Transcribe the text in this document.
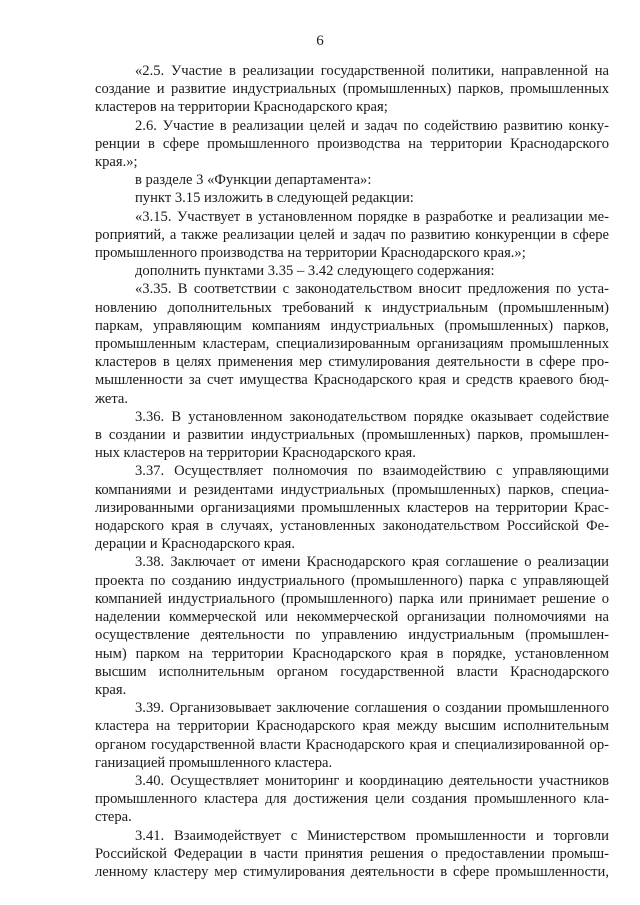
6
«2.5. Участие в реализации государственной политики, направленной на
создание и развитие индустриальных (промышленных) парков, промышленных
кластеров на территории Краснодарского края;
2.6. Участие в реализации целей и задач по содействию развитию конку-
ренции в сфере промышленного производства на территории Краснодарского
края.»;
в разделе 3 «Функции департамента»:
пункт 3.15 изложить в следующей редакции:
«3.15. Участвует в установленном порядке в разработке и реализации ме-
роприятий, а также реализации целей и задач по развитию конкуренции в сфере
промышленного производства на территории Краснодарского края.»;
дополнить пунктами 3.35 – 3.42 следующего содержания:
«3.35. В соответствии с законодательством вносит предложения по уста-
новлению дополнительных требований к индустриальным (промышленным)
паркам, управляющим компаниям индустриальных (промышленных) парков,
промышленным кластерам, специализированным организациям промышленных
кластеров в целях применения мер стимулирования деятельности в сфере про-
мышленности за счет имущества Краснодарского края и средств краевого бюд-
жета.
3.36. В установленном законодательством порядке оказывает содействие
в создании и развитии индустриальных (промышленных) парков, промышлен-
ных кластеров на территории Краснодарского края.
3.37. Осуществляет полномочия по взаимодействию с управляющими
компаниями и резидентами индустриальных (промышленных) парков, специа-
лизированными организациями промышленных кластеров на территории Крас-
нодарского края в случаях, установленных законодательством Российской Фе-
дерации и Краснодарского края.
3.38. Заключает от имени Краснодарского края соглашение о реализации
проекта по созданию индустриального (промышленного) парка с управляющей
компанией индустриального (промышленного) парка или принимает решение о
наделении коммерческой или некоммерческой организации полномочиями на
осуществление деятельности по управлению индустриальным (промышлен-
ным) парком на территории Краснодарского края в порядке, установленном
высшим исполнительным органом государственной власти Краснодарского
края.
3.39. Организовывает заключение соглашения о создании промышленного
кластера на территории Краснодарского края между высшим исполнительным
органом государственной власти Краснодарского края и специализированной ор-
ганизацией промышленного кластера.
3.40. Осуществляет мониторинг и координацию деятельности участников
промышленного кластера для достижения цели создания промышленного кла-
стера.
3.41. Взаимодействует с Министерством промышленности и торговли
Российской Федерации в части принятия решения о предоставлении промыш-
ленному кластеру мер стимулирования деятельности в сфере промышленности,
